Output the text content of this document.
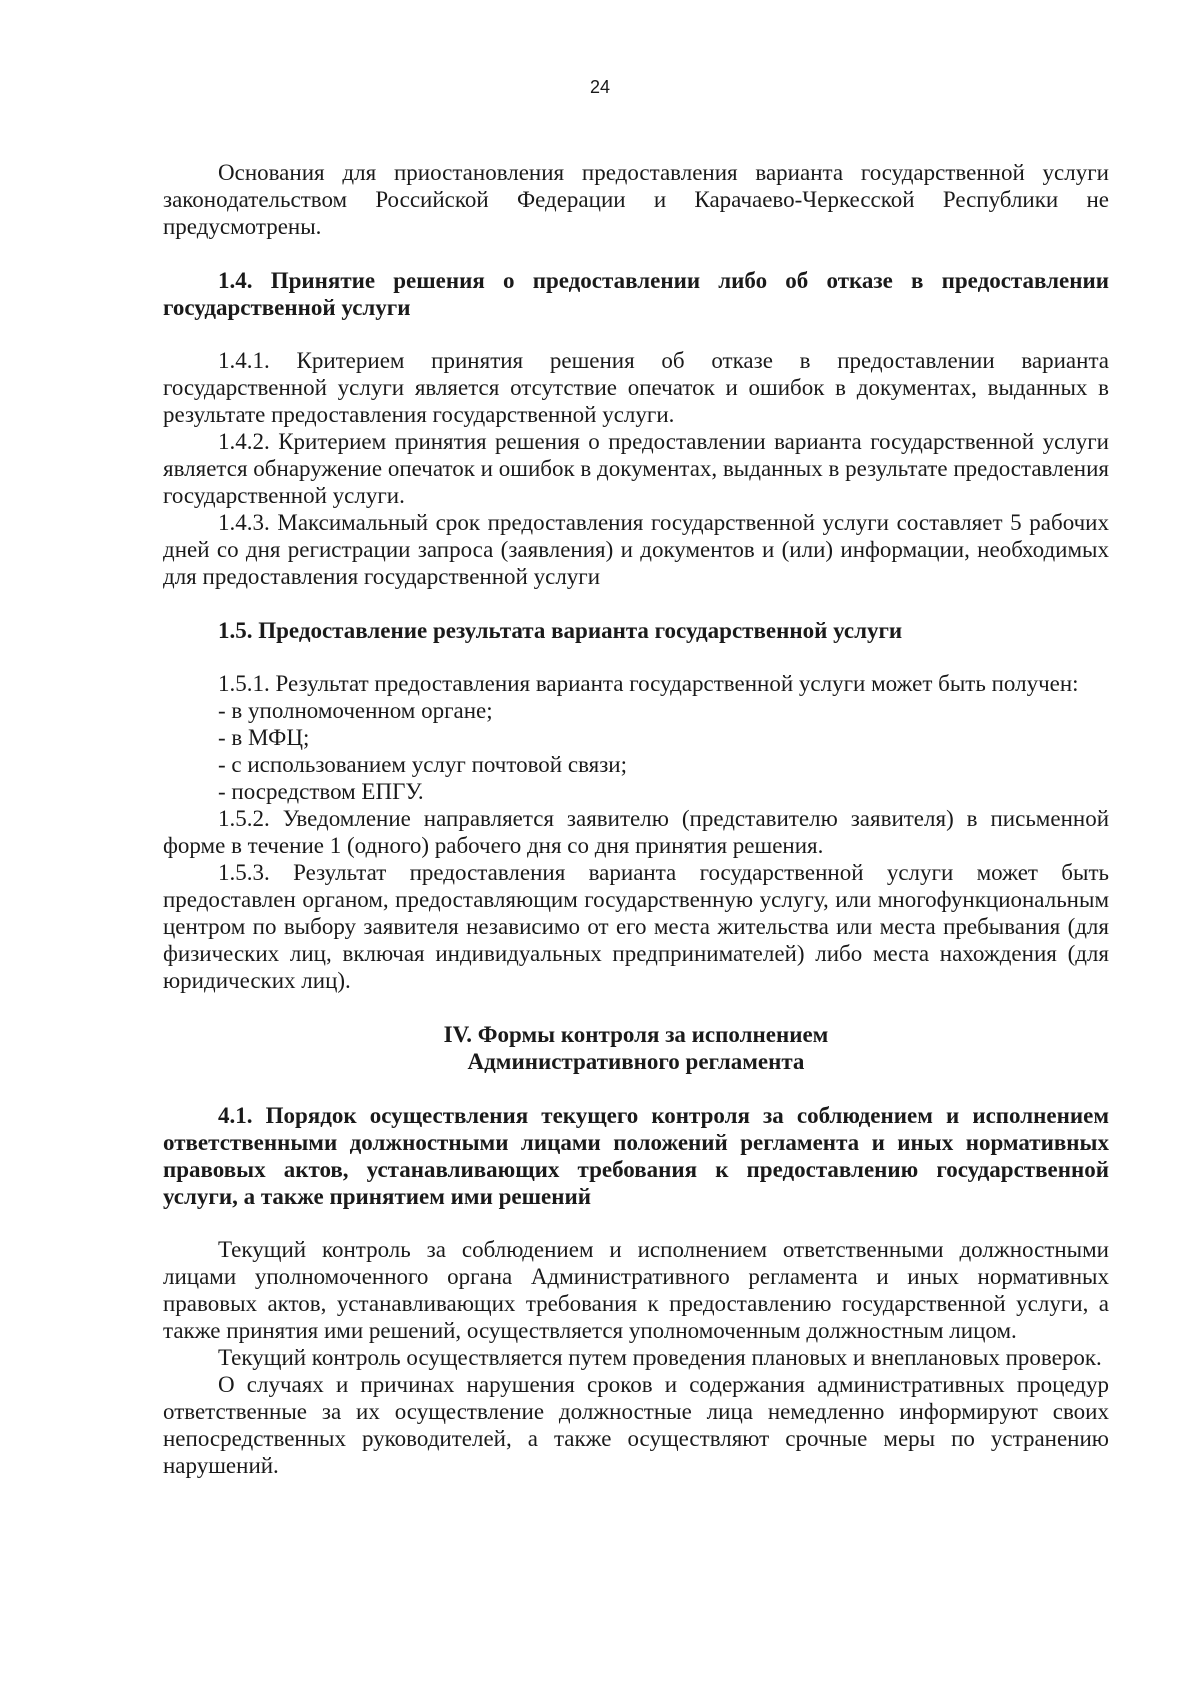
24

Основания для приостановления предоставления варианта государственной услуги законодательством Российской Федерации и Карачаево-Черкесской Республики не предусмотрены.

1.4. Принятие решения о предоставлении либо об отказе в предоставлении государственной услуги

1.4.1. Критерием принятия решения об отказе в предоставлении варианта государственной услуги является отсутствие опечаток и ошибок в документах, выданных в результате предоставления государственной услуги.

1.4.2. Критерием принятия решения о предоставлении варианта государственной услуги является обнаружение опечаток и ошибок в документах, выданных в результате предоставления государственной услуги.

1.4.3. Максимальный срок предоставления государственной услуги составляет 5 рабочих дней со дня регистрации запроса (заявления) и документов и (или) информации, необходимых для предоставления государственной услуги

1.5. Предоставление результата варианта государственной услуги

1.5.1. Результат предоставления варианта государственной услуги может быть получен:

- в уполномоченном органе;

- в МФЦ;

- с использованием услуг почтовой связи;

- посредством ЕПГУ.

1.5.2. Уведомление направляется заявителю (представителю заявителя) в письменной форме в течение 1 (одного) рабочего дня со дня принятия решения.

1.5.3. Результат предоставления варианта государственной услуги может быть предоставлен органом, предоставляющим государственную услугу, или многофункциональным центром по выбору заявителя независимо от его места жительства или места пребывания (для физических лиц, включая индивидуальных предпринимателей) либо места нахождения (для юридических лиц).

IV. Формы контроля за исполнением

Административного регламента

4.1. Порядок осуществления текущего контроля за соблюдением и исполнением ответственными должностными лицами положений регламента и иных нормативных правовых актов, устанавливающих требования к предоставлению государственной услуги, а также принятием ими решений

Текущий контроль за соблюдением и исполнением ответственными должностными лицами уполномоченного органа Административного регламента и иных нормативных правовых актов, устанавливающих требования к предоставлению государственной услуги, а также принятия ими решений, осуществляется уполномоченным должностным лицом.

Текущий контроль осуществляется путем проведения плановых и внеплановых проверок.

О случаях и причинах нарушения сроков и содержания административных процедур ответственные за их осуществление должностные лица немедленно информируют своих непосредственных руководителей, а также осуществляют срочные меры по устранению нарушений.
